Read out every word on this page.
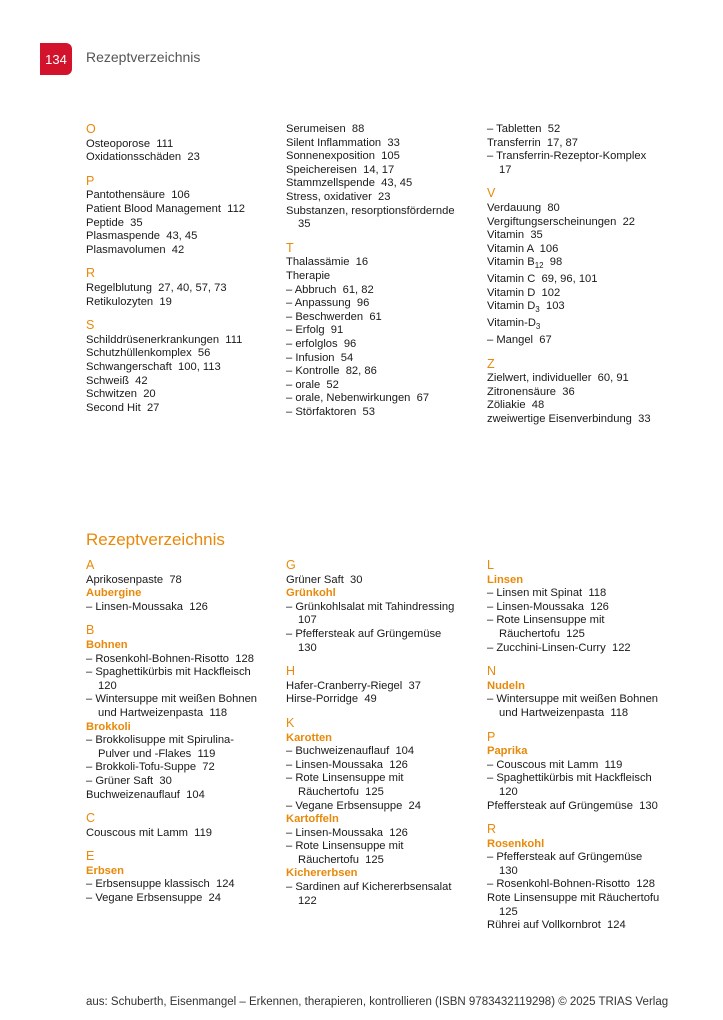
134 Rezeptverzeichnis
O
Osteoporose  111
Oxidationsschäden  23
P
Pantothensäure  106
Patient Blood Management  112
Peptide  35
Plasmaspende  43, 45
Plasmavolumen  42
R
Regelblutung  27, 40, 57, 73
Retikulozyten  19
S
Schilddrüsenerkrankungen  111
Schutzhüllenkomplex  56
Schwangerschaft  100, 113
Schweiß  42
Schwitzen  20
Second Hit  27
Serumeisen  88
Silent Inflammation  33
Sonnenexposition  105
Speichereisen  14, 17
Stammzellspende  43, 45
Stress, oxidativer  23
Substanzen, resorptionsfördernde
35
T
Thalassämie  16
Therapie
– Abbruch  61, 82
– Anpassung  96
– Beschwerden  61
– Erfolg  91
– erfolglos  96
– Infusion  54
– Kontrolle  82, 86
– orale  52
– orale, Nebenwirkungen  67
– Störfaktoren  53
– Tabletten  52
Transferrin  17, 87
– Transferrin-Rezeptor-Komplex
17
V
Verdauung  80
Vergiftungserscheinungen  22
Vitamin  35
Vitamin A  106
Vitamin $B_{12}$  98
Vitamin C  69, 96, 101
Vitamin D  102
Vitamin $D_3$  103
Vitamin-$D_3$
– Mangel  67
Z
Zielwert, individueller  60, 91
Zitronensäure  36
Zöliakie  48
zweiwertige Eisenverbindung  33
Rezeptverzeichnis
A
Aprikosenpaste  78
Aubergine
– Linsen-Moussaka  126
B
Bohnen
– Rosenkohl-Bohnen-Risotto  128
– Spaghettikürbis mit Hackfleisch
120
– Wintersuppe mit weißen Bohnen
und Hartweizenpasta  118
Brokkoli
– Brokkolisuppe mit Spirulina-
Pulver und -Flakes  119
– Brokkoli-Tofu-Suppe  72
– Grüner Saft  30
Buchweizenauflauf  104
C
Couscous mit Lamm  119
E
Erbsen
– Erbsensuppe klassisch  124
– Vegane Erbsensuppe  24
G
Grüner Saft  30
Grünkohl
– Grünkohlsalat mit Tahindressing
107
– Pfeffersteak auf Grüngemüse
130
H
Hafer-Cranberry-Riegel  37
Hirse-Porridge  49
K
Karotten
– Buchweizenauflauf  104
– Linsen-Moussaka  126
– Rote Linsensuppe mit
Räuchertofu  125
– Vegane Erbsensuppe  24
Kartoffeln
– Linsen-Moussaka  126
– Rote Linsensuppe mit
Räuchertofu  125
Kichererbsen
– Sardinen auf Kichererbsensalat
122
L
Linsen
– Linsen mit Spinat  118
– Linsen-Moussaka  126
– Rote Linsensuppe mit
Räuchertofu  125
– Zucchini-Linsen-Curry  122
N
Nudeln
– Wintersuppe mit weißen Bohnen
und Hartweizenpasta  118
P
Paprika
– Couscous mit Lamm  119
– Spaghettikürbis mit Hackfleisch
120
Pfeffersteak auf Grüngemüse  130
R
Rosenkohl
– Pfeffersteak auf Grüngemüse
130
– Rosenkohl-Bohnen-Risotto  128
Rote Linsensuppe mit Räuchertofu
125
Rührei auf Vollkornbrot  124
aus: Schuberth, Eisenmangel – Erkennen, therapieren, kontrollieren (ISBN 9783432119298) © 2025 TRIAS Verlag
